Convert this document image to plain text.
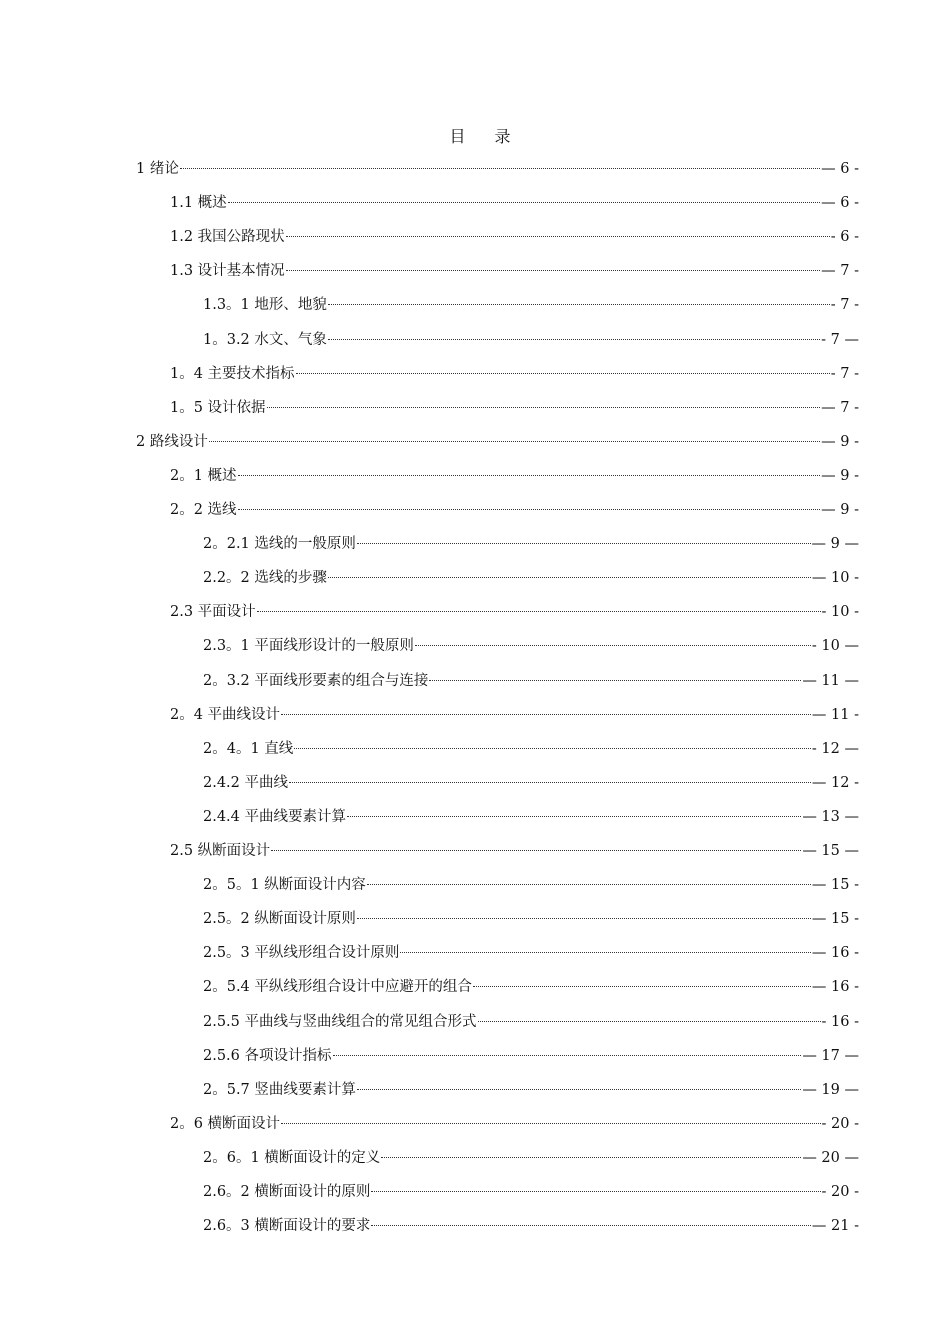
目 录
1 绪论	— 6 -
1.1 概述	— 6 -
1.2 我国公路现状	- 6 -
1.3 设计基本情况	— 7 -
1.3。1 地形、地貌	- 7 -
1。3.2 水文、气象	- 7 —
1。4 主要技术指标	- 7 -
1。5 设计依据	— 7 -
2 路线设计	— 9 -
2。1 概述	— 9 -
2。2 选线	— 9 -
2。2.1 选线的一般原则	— 9 —
2.2。2 选线的步骤	— 10 -
2.3 平面设计	- 10 -
2.3。1 平面线形设计的一般原则	- 10 —
2。3.2 平面线形要素的组合与连接	— 11 —
2。4 平曲线设计	— 11 -
2。4。1 直线	- 12 —
2.4.2 平曲线	— 12 -
2.4.4 平曲线要素计算	— 13 —
2.5 纵断面设计	— 15 —
2。5。1 纵断面设计内容	— 15 -
2.5。2 纵断面设计原则	— 15 -
2.5。3 平纵线形组合设计原则	— 16 -
2。5.4 平纵线形组合设计中应避开的组合	— 16 -
2.5.5 平曲线与竖曲线组合的常见组合形式	- 16 -
2.5.6 各项设计指标	— 17 —
2。5.7 竖曲线要素计算	— 19 —
2。6 横断面设计	- 20 -
2。6。1 横断面设计的定义	— 20 —
2.6。2 横断面设计的原则	- 20 -
2.6。3 横断面设计的要求	— 21 -
